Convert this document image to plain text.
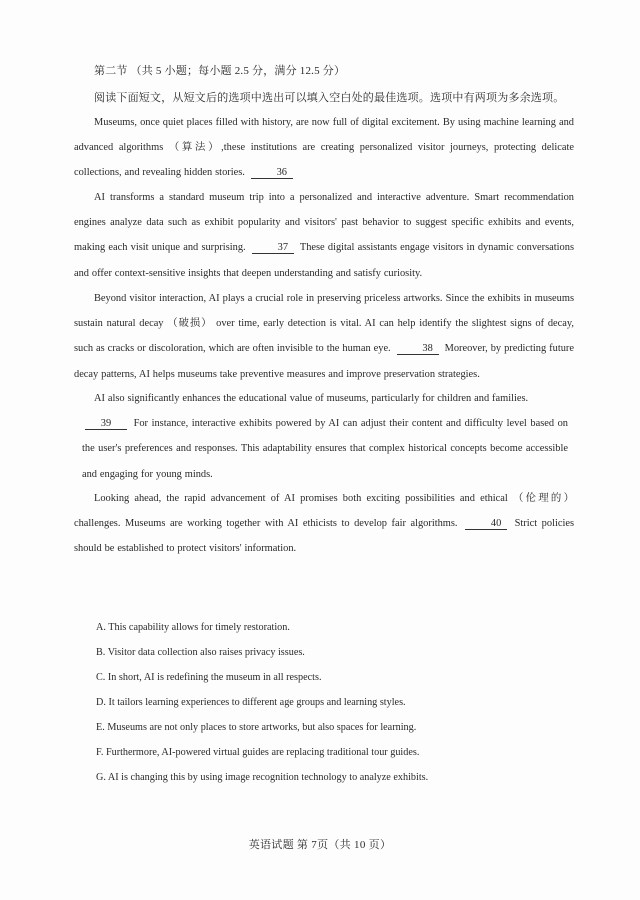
第二节 （共 5 小题；每小题 2.5 分，满分 12.5 分）
阅读下面短文，从短文后的选项中选出可以填入空白处的最佳选项。选项中有两项为多余选项。
Museums, once quiet places filled with history, are now full of digital excitement. By using machine learning and advanced algorithms （算法）,these institutions are creating personalized visitor journeys, protecting delicate collections, and revealing hidden stories.	36
AI transforms a standard museum trip into a personalized and interactive adventure. Smart recommendation engines analyze data such as exhibit popularity and visitors' past behavior to suggest specific exhibits and events, making each visit unique and surprising.	37 These digital assistants engage visitors in dynamic conversations and offer context-sensitive insights that deepen understanding and satisfy curiosity.
Beyond visitor interaction, AI plays a crucial role in preserving priceless artworks. Since the exhibits in museums sustain natural decay （破损） over time, early detection is vital. AI can help identify the slightest signs of decay, such as cracks or discoloration, which are often invisible to the human eye.	38 Moreover, by predicting future decay patterns, AI helps museums take preventive measures and improve preservation strategies.
AI also significantly enhances the educational value of museums, particularly for children and families.
39 For instance, interactive exhibits powered by AI can adjust their content and difficulty level based on the user's preferences and responses. This adaptability ensures that complex historical concepts become accessible and engaging for young minds.
Looking ahead, the rapid advancement of AI promises both exciting possibilities and ethical （伦理的） challenges. Museums are working together with AI ethicists to develop fair algorithms.	40 Strict policies should be established to protect visitors' information.
A. This capability allows for timely restoration.
B. Visitor data collection also raises privacy issues.
C. In short, AI is redefining the museum in all respects.
D. It tailors learning experiences to different age groups and learning styles.
E. Museums are not only places to store artworks, but also spaces for learning.
F. Furthermore, AI-powered virtual guides are replacing traditional tour guides.
G. AI is changing this by using image recognition technology to analyze exhibits.
英语试题 第 7页（共 10 页）
